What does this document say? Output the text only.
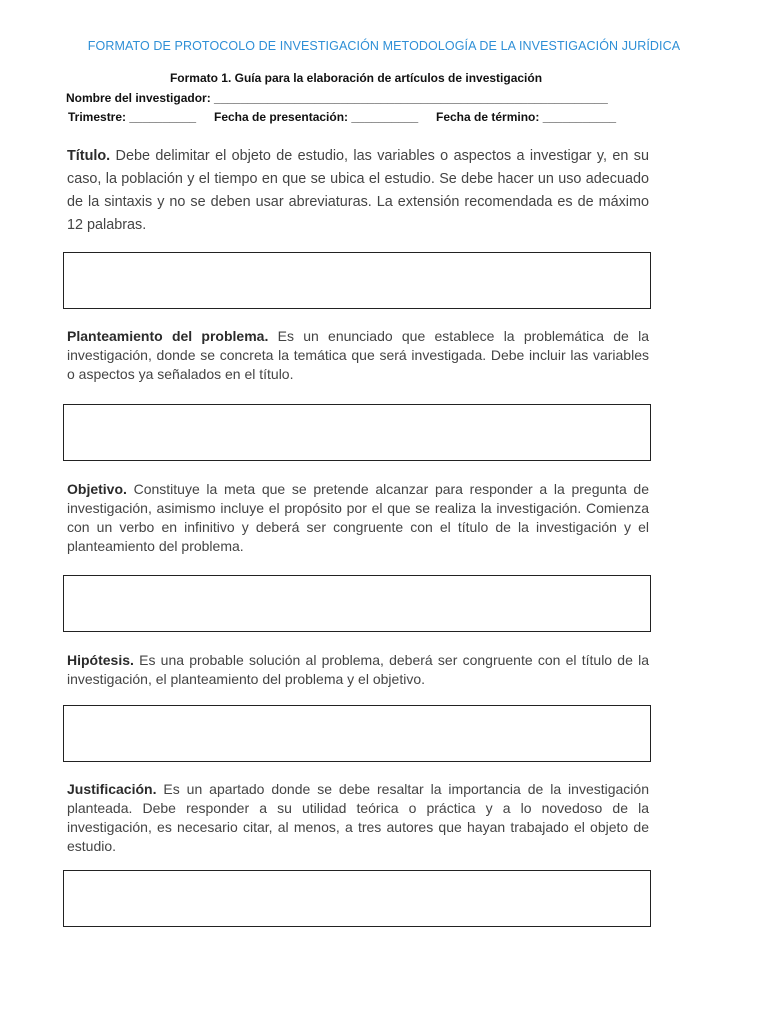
FORMATO DE PROTOCOLO DE INVESTIGACIÓN METODOLOGÍA DE LA INVESTIGACIÓN JURÍDICA
Formato 1. Guía para la elaboración de artículos de investigación
Nombre del investigador: ___________________________________________________________
Trimestre: __________ Fecha de presentación: __________ Fecha de término: ___________
Título. Debe delimitar el objeto de estudio, las variables o aspectos a investigar y, en su caso, la población y el tiempo en que se ubica el estudio. Se debe hacer un uso adecuado de la sintaxis y no se deben usar abreviaturas. La extensión recomendada es de máximo 12 palabras.
Planteamiento del problema. Es un enunciado que establece la problemática de la investigación, donde se concreta la temática que será investigada. Debe incluir las variables o aspectos ya señalados en el título.
Objetivo. Constituye la meta que se pretende alcanzar para responder a la pregunta de investigación, asimismo incluye el propósito por el que se realiza la investigación. Comienza con un verbo en infinitivo y deberá ser congruente con el título de la investigación y el planteamiento del problema.
Hipótesis. Es una probable solución al problema, deberá ser congruente con el título de la investigación, el planteamiento del problema y el objetivo.
Justificación. Es un apartado donde se debe resaltar la importancia de la investigación planteada. Debe responder a su utilidad teórica o práctica y a lo novedoso de la investigación, es necesario citar, al menos, a tres autores que hayan trabajado el objeto de estudio.
